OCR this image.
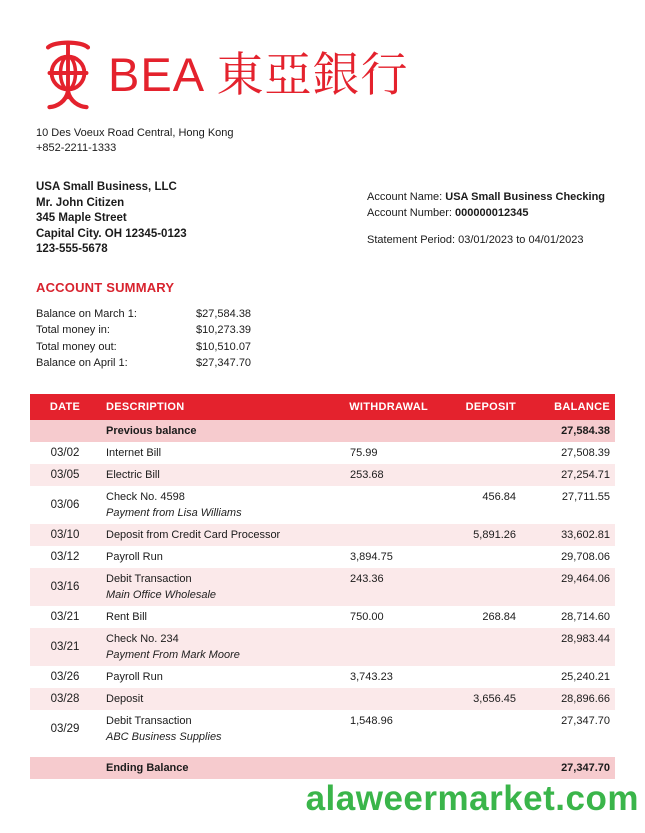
BEA 東亞銀行
10 Des Voeux Road Central, Hong Kong
+852-2211-1333
USA Small Business, LLC
Mr. John Citizen
345 Maple Street
Capital City. OH 12345-0123
123-555-5678
Account Name: USA Small Business Checking
Account Number: 000000012345
Statement Period: 03/01/2023 to 04/01/2023
ACCOUNT SUMMARY
Balance on March 1:	$27,584.38
Total money in:	$10,273.39
Total money out:	$10,510.07
Balance on April 1:	$27,347.70
DATE	DESCRIPTION	WITHDRAWAL	DEPOSIT	BALANCE

	Previous balance			27,584.38
03/02	Internet Bill	75.99		27,508.39
03/05	Electric Bill	253.68		27,254.71
03/06	Check No. 4598
Payment from Lisa Williams		456.84	27,711.55
03/10	Deposit from Credit Card Processor		5,891.26	33,602.81
03/12	Payroll Run	3,894.75		29,708.06
03/16	Debit Transaction
Main Office Wholesale	243.36		29,464.06
03/21	Rent Bill	750.00	268.84	28,714.60
03/21	Check No. 234
Payment From Mark Moore			28,983.44
03/26	Payroll Run	3,743.23		25,240.21
03/28	Deposit		3,656.45	28,896.66
03/29	Debit Transaction
ABC Business Supplies	1,548.96		27,347.70

	Ending Balance			27,347.70
alaweermarket.com
